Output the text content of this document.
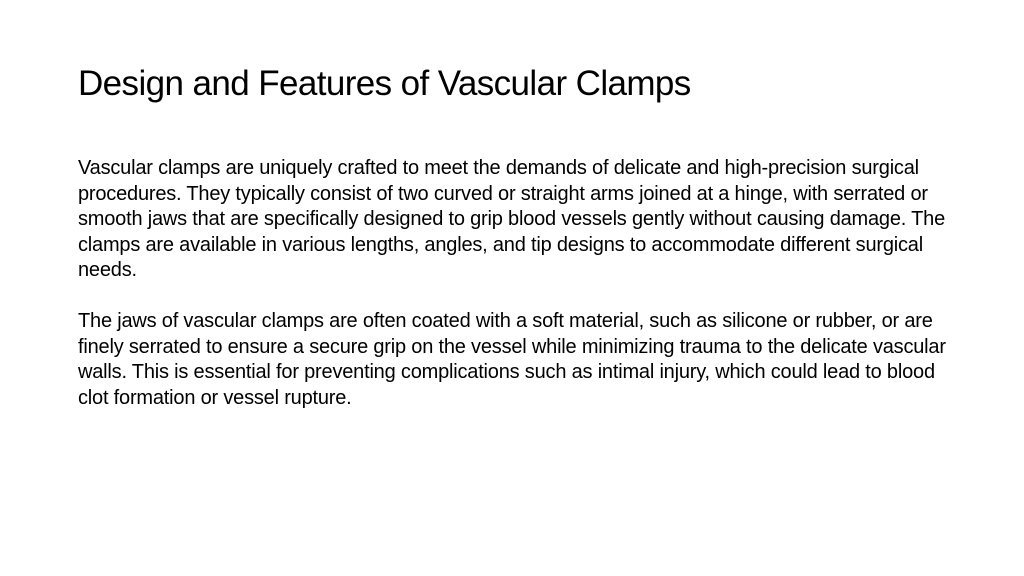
Design and Features of Vascular Clamps

Vascular clamps are uniquely crafted to meet the demands of delicate and high-precision surgical procedures. They typically consist of two curved or straight arms joined at a hinge, with serrated or smooth jaws that are specifically designed to grip blood vessels gently without causing damage. The clamps are available in various lengths, angles, and tip designs to accommodate different surgical needs.

The jaws of vascular clamps are often coated with a soft material, such as silicone or rubber, or are finely serrated to ensure a secure grip on the vessel while minimizing trauma to the delicate vascular walls. This is essential for preventing complications such as intimal injury, which could lead to blood clot formation or vessel rupture.
